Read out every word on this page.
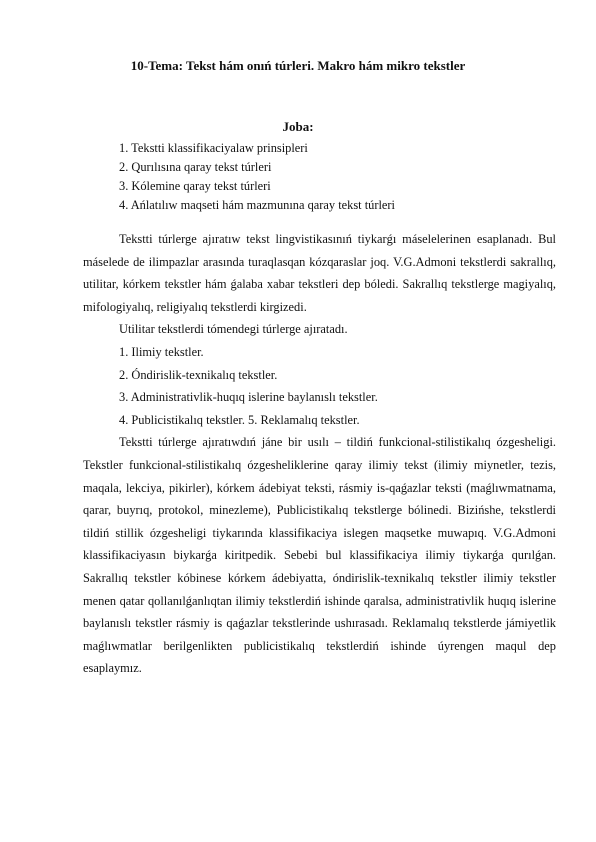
10-Tema: Tekst hám onıń túrleri. Makro hám mikro tekstler
Joba:
1. Tekstti klassifikaciyalaw prinsipleri
2. Qurılısına qaray tekst túrleri
3. Kólemine qaray tekst túrleri
4. Ańlatılıw maqseti hám mazmunına qaray tekst túrleri

Tekstti túrlerge ajıratıw tekst lingvistikasınıń tiykarǵı máselelerinen esaplanadı. Bul máselede de ilimpazlar arasında turaqlasqan kózqaraslar joq. V.G.Admoni tekstlerdi sakrallıq, utilitar, kórkem tekstler hám ǵalaba xabar tekstleri dep bóledi. Sakrallıq tekstlerge magiyalıq, mifologiyalıq, religiyalıq tekstlerdi kirgizedi.

Utilitar tekstlerdi tómendegi túrlerge ajıratadı.
1. Ilimiy tekstler.
2. Óndirislik-texnikalıq tekstler.
3. Administrativlik-huqıq islerine baylanıslı tekstler.
4. Publicistikalıq tekstler. 5. Reklamalıq tekstler.

Tekstti túrlerge ajıratıwdıń jáne bir usılı – tildiń funkcional-stilistikalıq ózgesheligi. Tekstler funkcional-stilistikalıq ózgesheliklerine qaray ilimiy tekst (ilimiy miynetler, tezis, maqala, lekciya, pikirler), kórkem ádebiyat teksti, rásmiy is-qaǵazlar teksti (maǵlıwmatnama, qarar, buyrıq, protokol, minezleme), Publicistikalıq tekstlerge bólinedi. Bizińshe, tekstlerdi tildiń stillik ózgesheligi tiykarında klassifikaciya islegen maqsetke muwapıq. V.G.Admoni klassifikaciyasın biykarǵa kiritpedik. Sebebi bul klassifikaciya ilimiy tiykarǵa qurılǵan. Sakrallıq tekstler kóbinese kórkem ádebiyatta, óndirislik-texnikalıq tekstler ilimiy tekstler menen qatar qollanılǵanlıqtan ilimiy tekstlerdiń ishinde qaralsa, administrativlik huqıq islerine baylanıslı tekstler rásmiy is qaǵazlar tekstlerinde ushırasadı. Reklamalıq tekstlerde jámiyetlik maǵlıwmatlar berilgenlikten publicistikalıq tekstlerdiń ishinde úyrengen maqul dep esaplaymız.
